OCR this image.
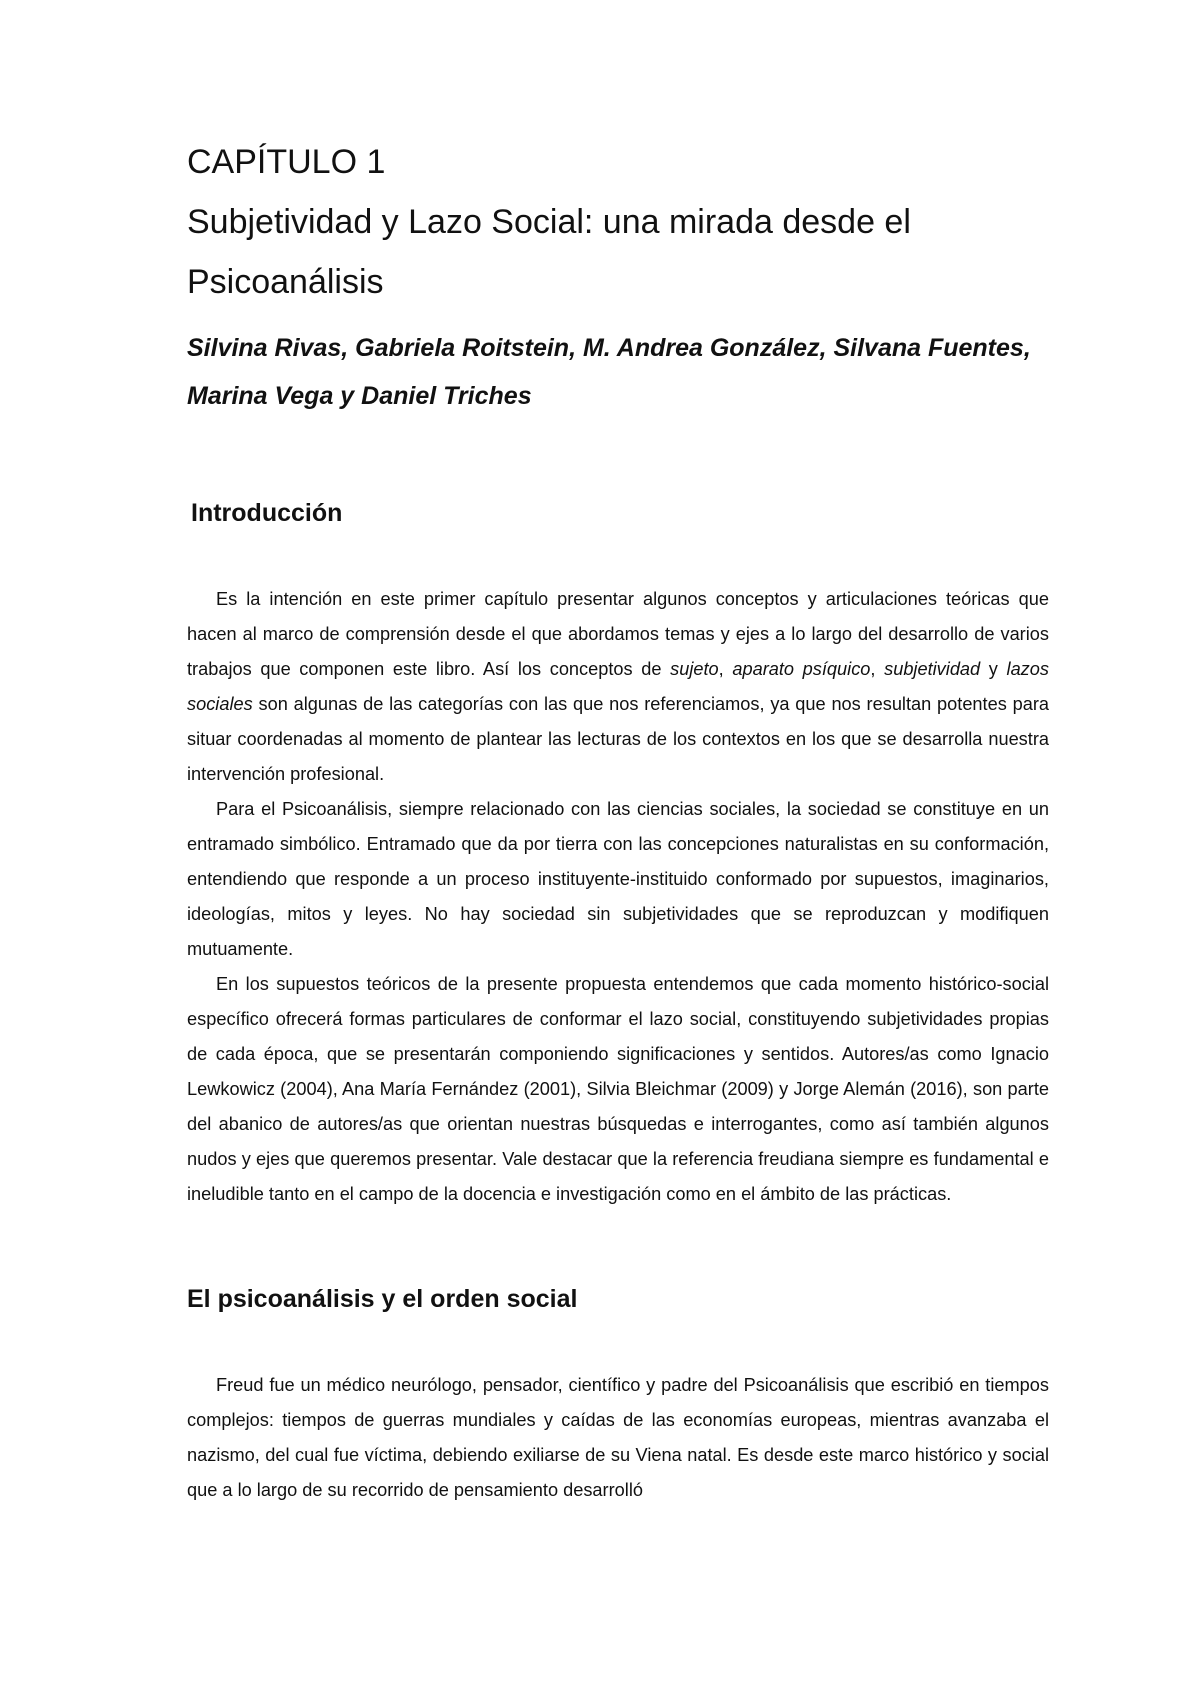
CAPÍTULO 1
Subjetividad y Lazo Social: una mirada desde el Psicoanálisis

Silvina Rivas, Gabriela Roitstein, M. Andrea González, Silvana Fuentes, Marina Vega y Daniel Triches

Introducción

Es la intención en este primer capítulo presentar algunos conceptos y articulaciones teóricas que hacen al marco de comprensión desde el que abordamos temas y ejes a lo largo del desarrollo de varios trabajos que componen este libro. Así los conceptos de sujeto, aparato psíquico, subjetividad y lazos sociales son algunas de las categorías con las que nos referenciamos, ya que nos resultan potentes para situar coordenadas al momento de plantear las lecturas de los contextos en los que se desarrolla nuestra intervención profesional.

Para el Psicoanálisis, siempre relacionado con las ciencias sociales, la sociedad se constituye en un entramado simbólico. Entramado que da por tierra con las concepciones naturalistas en su conformación, entendiendo que responde a un proceso instituyente-instituido conformado por supuestos, imaginarios, ideologías, mitos y leyes. No hay sociedad sin subjetividades que se reproduzcan y modifiquen mutuamente.

En los supuestos teóricos de la presente propuesta entendemos que cada momento histórico-social específico ofrecerá formas particulares de conformar el lazo social, constituyendo subjetividades propias de cada época, que se presentarán componiendo significaciones y sentidos. Autores/as como Ignacio Lewkowicz (2004), Ana María Fernández (2001), Silvia Bleichmar (2009) y Jorge Alemán (2016), son parte del abanico de autores/as que orientan nuestras búsquedas e interrogantes, como así también algunos nudos y ejes que queremos presentar. Vale destacar que la referencia freudiana siempre es fundamental e ineludible tanto en el campo de la docencia e investigación como en el ámbito de las prácticas.

El psicoanálisis y el orden social

Freud fue un médico neurólogo, pensador, científico y padre del Psicoanálisis que escribió en tiempos complejos: tiempos de guerras mundiales y caídas de las economías europeas, mientras avanzaba el nazismo, del cual fue víctima, debiendo exiliarse de su Viena natal. Es desde este marco histórico y social que a lo largo de su recorrido de pensamiento desarrolló
